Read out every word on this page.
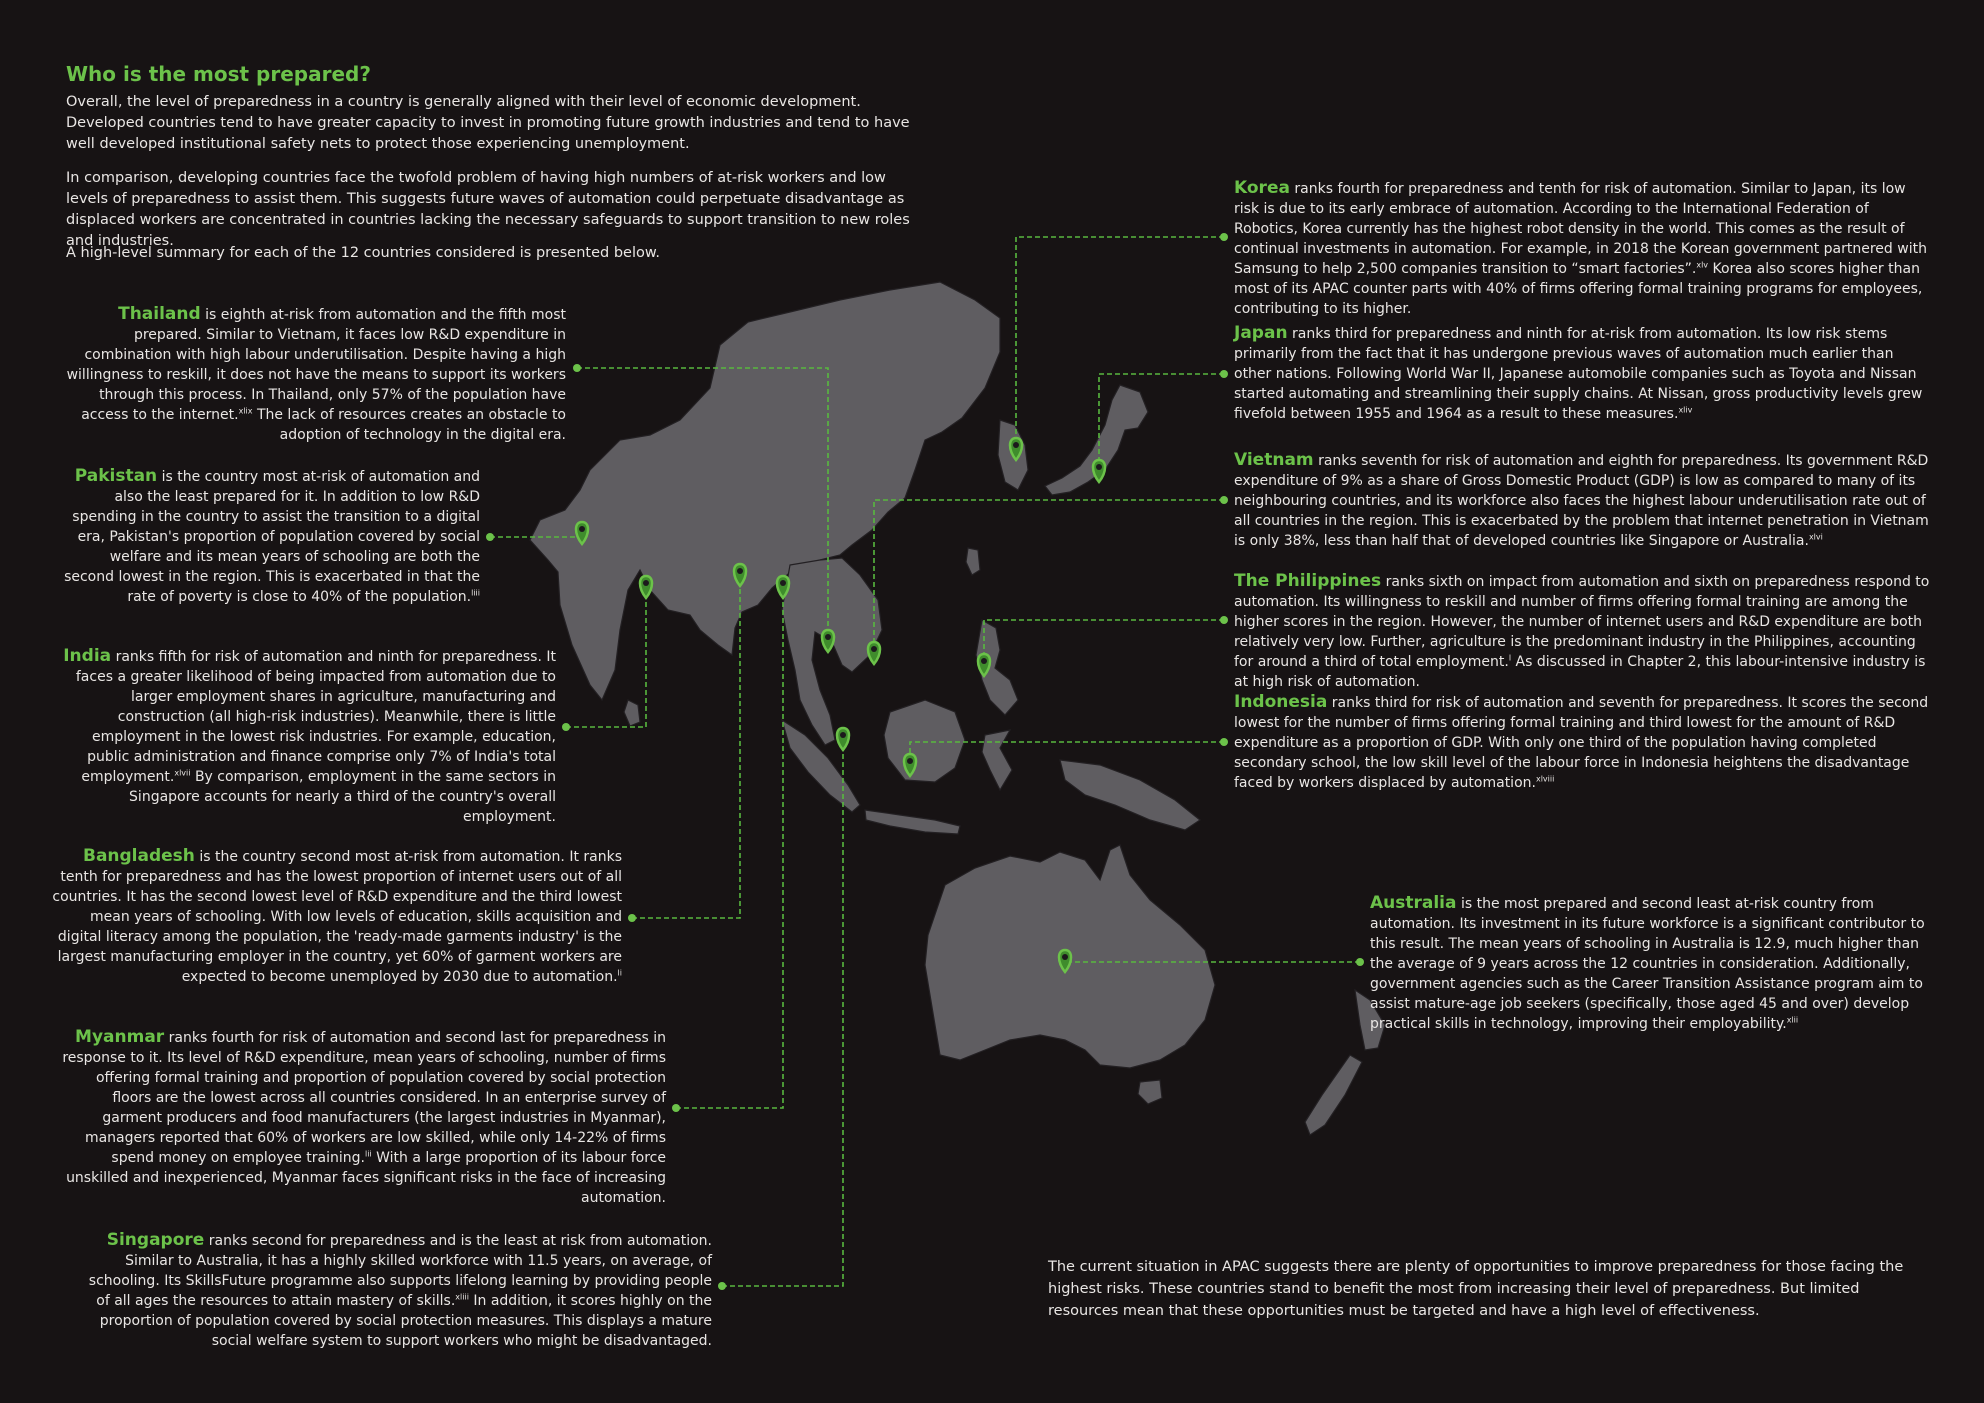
Who is the most prepared?

Overall, the level of preparedness in a country is generally aligned with their level of economic development. Developed countries tend to have greater capacity to invest in promoting future growth industries and tend to have well developed institutional safety nets to protect those experiencing unemployment.

In comparison, developing countries face the twofold problem of having high numbers of at-risk workers and low levels of preparedness to assist them. This suggests future waves of automation could perpetuate disadvantage as displaced workers are concentrated in countries lacking the necessary safeguards to support transition to new roles and industries.

A high-level summary for each of the 12 countries considered is presented below.

Thailand is eighth at-risk from automation and the fifth most prepared. Similar to Vietnam, it faces low R&D expenditure in combination with high labour underutilisation. Despite having a high willingness to reskill, it does not have the means to support its workers through this process. In Thailand, only 57% of the population have access to the internet.$^{xlix}$ The lack of resources creates an obstacle to adoption of technology in the digital era.

Pakistan is the country most at-risk of automation and also the least prepared for it. In addition to low R&D spending in the country to assist the transition to a digital era, Pakistan's proportion of population covered by social welfare and its mean years of schooling are both the second lowest in the region. This is exacerbated in that the rate of poverty is close to 40% of the population.$^{liii}$

India ranks fifth for risk of automation and ninth for preparedness. It faces a greater likelihood of being impacted from automation due to larger employment shares in agriculture, manufacturing and construction (all high-risk industries). Meanwhile, there is little employment in the lowest risk industries. For example, education, public administration and finance comprise only 7% of India's total employment.$^{xlvii}$ By comparison, employment in the same sectors in Singapore accounts for nearly a third of the country's overall employment.

Bangladesh is the country second most at-risk from automation. It ranks tenth for preparedness and has the lowest proportion of internet users out of all countries. It has the second lowest level of R&D expenditure and the third lowest mean years of schooling. With low levels of education, skills acquisition and digital literacy among the population, the 'ready-made garments industry' is the largest manufacturing employer in the country, yet 60% of garment workers are expected to become unemployed by 2030 due to automation.$^{li}$

Myanmar ranks fourth for risk of automation and second last for preparedness in response to it. Its level of R&D expenditure, mean years of schooling, number of firms offering formal training and proportion of population covered by social protection floors are the lowest across all countries considered. In an enterprise survey of garment producers and food manufacturers (the largest industries in Myanmar), managers reported that 60% of workers are low skilled, while only 14-22% of firms spend money on employee training.$^{lii}$ With a large proportion of its labour force unskilled and inexperienced, Myanmar faces significant risks in the face of increasing automation.

Singapore ranks second for preparedness and is the least at risk from automation. Similar to Australia, it has a highly skilled workforce with 11.5 years, on average, of schooling. Its SkillsFuture programme also supports lifelong learning by providing people of all ages the resources to attain mastery of skills.$^{xliii}$ In addition, it scores highly on the proportion of population covered by social protection measures. This displays a mature social welfare system to support workers who might be disadvantaged.

Korea ranks fourth for preparedness and tenth for risk of automation. Similar to Japan, its low risk is due to its early embrace of automation. According to the International Federation of Robotics, Korea currently has the highest robot density in the world. This comes as the result of continual investments in automation. For example, in 2018 the Korean government partnered with Samsung to help 2,500 companies transition to “smart factories”.$^{xlv}$ Korea also scores higher than most of its APAC counter parts with 40% of firms offering formal training programs for employees, contributing to its higher.

Japan ranks third for preparedness and ninth for at-risk from automation. Its low risk stems primarily from the fact that it has undergone previous waves of automation much earlier than other nations. Following World War II, Japanese automobile companies such as Toyota and Nissan started automating and streamlining their supply chains. At Nissan, gross productivity levels grew fivefold between 1955 and 1964 as a result to these measures.$^{xliv}$

Vietnam ranks seventh for risk of automation and eighth for preparedness. Its government R&D expenditure of 9% as a share of Gross Domestic Product (GDP) is low as compared to many of its neighbouring countries, and its workforce also faces the highest labour underutilisation rate out of all countries in the region. This is exacerbated by the problem that internet penetration in Vietnam is only 38%, less than half that of developed countries like Singapore or Australia.$^{xlvi}$

The Philippines ranks sixth on impact from automation and sixth on preparedness respond to automation. Its willingness to reskill and number of firms offering formal training are among the higher scores in the region. However, the number of internet users and R&D expenditure are both relatively very low. Further, agriculture is the predominant industry in the Philippines, accounting for around a third of total employment.$^l$ As discussed in Chapter 2, this labour-intensive industry is at high risk of automation.

Indonesia ranks third for risk of automation and seventh for preparedness. It scores the second lowest for the number of firms offering formal training and third lowest for the amount of R&D expenditure as a proportion of GDP. With only one third of the population having completed secondary school, the low skill level of the labour force in Indonesia heightens the disadvantage faced by workers displaced by automation.$^{xlviii}$

Australia is the most prepared and second least at-risk country from automation. Its investment in its future workforce is a significant contributor to this result. The mean years of schooling in Australia is 12.9, much higher than the average of 9 years across the 12 countries in consideration. Additionally, government agencies such as the Career Transition Assistance program aim to assist mature-age job seekers (specifically, those aged 45 and over) develop practical skills in technology, improving their employability.$^{xlii}$

The current situation in APAC suggests there are plenty of opportunities to improve preparedness for those facing the highest risks. These countries stand to benefit the most from increasing their level of preparedness. But limited resources mean that these opportunities must be targeted and have a high level of effectiveness.
